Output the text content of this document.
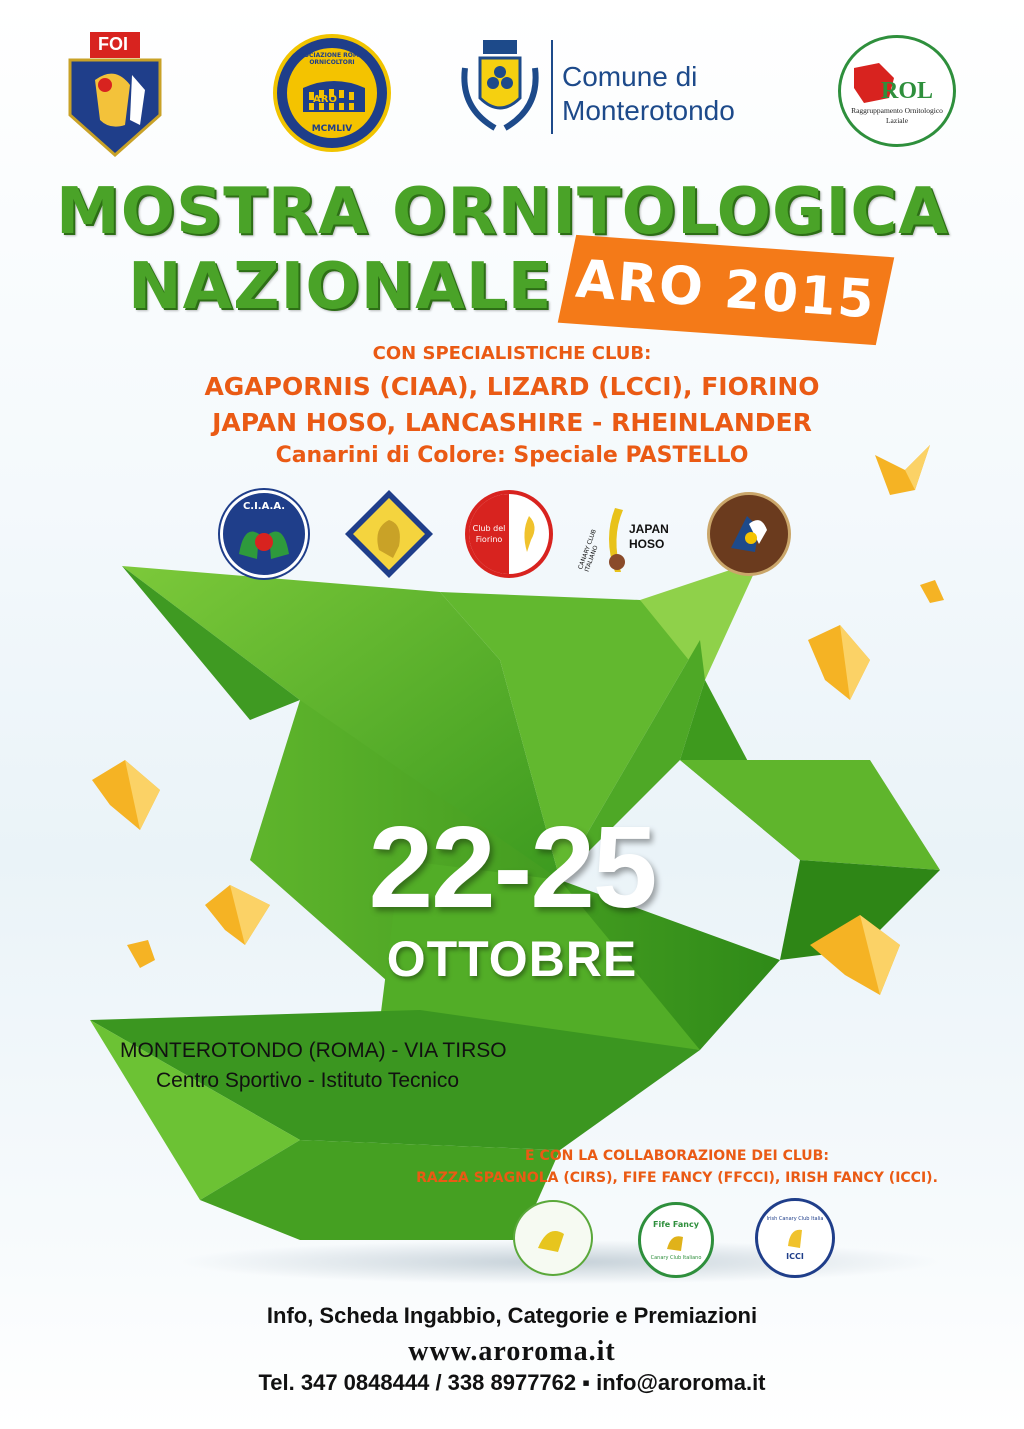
FOI
ASSOCIAZIONE ROMANA ORNICOLTORI
ARO
MCMLIV
Comune di
Monterotondo
ROL
Raggruppamento Ornitologico Laziale
MOSTRA ORNITOLOGICA
NAZIONALE ARO 2015
CON SPECIALISTICHE CLUB:
AGAPORNIS (CIAA), LIZARD (LCCI), FIORINO
JAPAN HOSO, LANCASHIRE - RHEINLANDER
Canarini di Colore: Speciale PASTELLO
C.I.A.A.
Club del Fiorino	CANARY CLUB ITALIANO
JAPAN HOSO
22-25
OTTOBRE
MONTEROTONDO (ROMA) - VIA TIRSO
Centro Sportivo - Istituto Tecnico
E CON LA COLLABORAZIONE DEI CLUB:
RAZZA SPAGNOLA (CIRS), FIFE FANCY (FFCCI), IRISH FANCY (ICCI).
Fife Fancy
Canary Club Italiano
Irish Canary Club Italia
ICCI
Info, Scheda Ingabbio, Categorie e Premiazioni
www.aroroma.it
Tel. 347 0848444 / 338 8977762 ▪ info@aroroma.it
